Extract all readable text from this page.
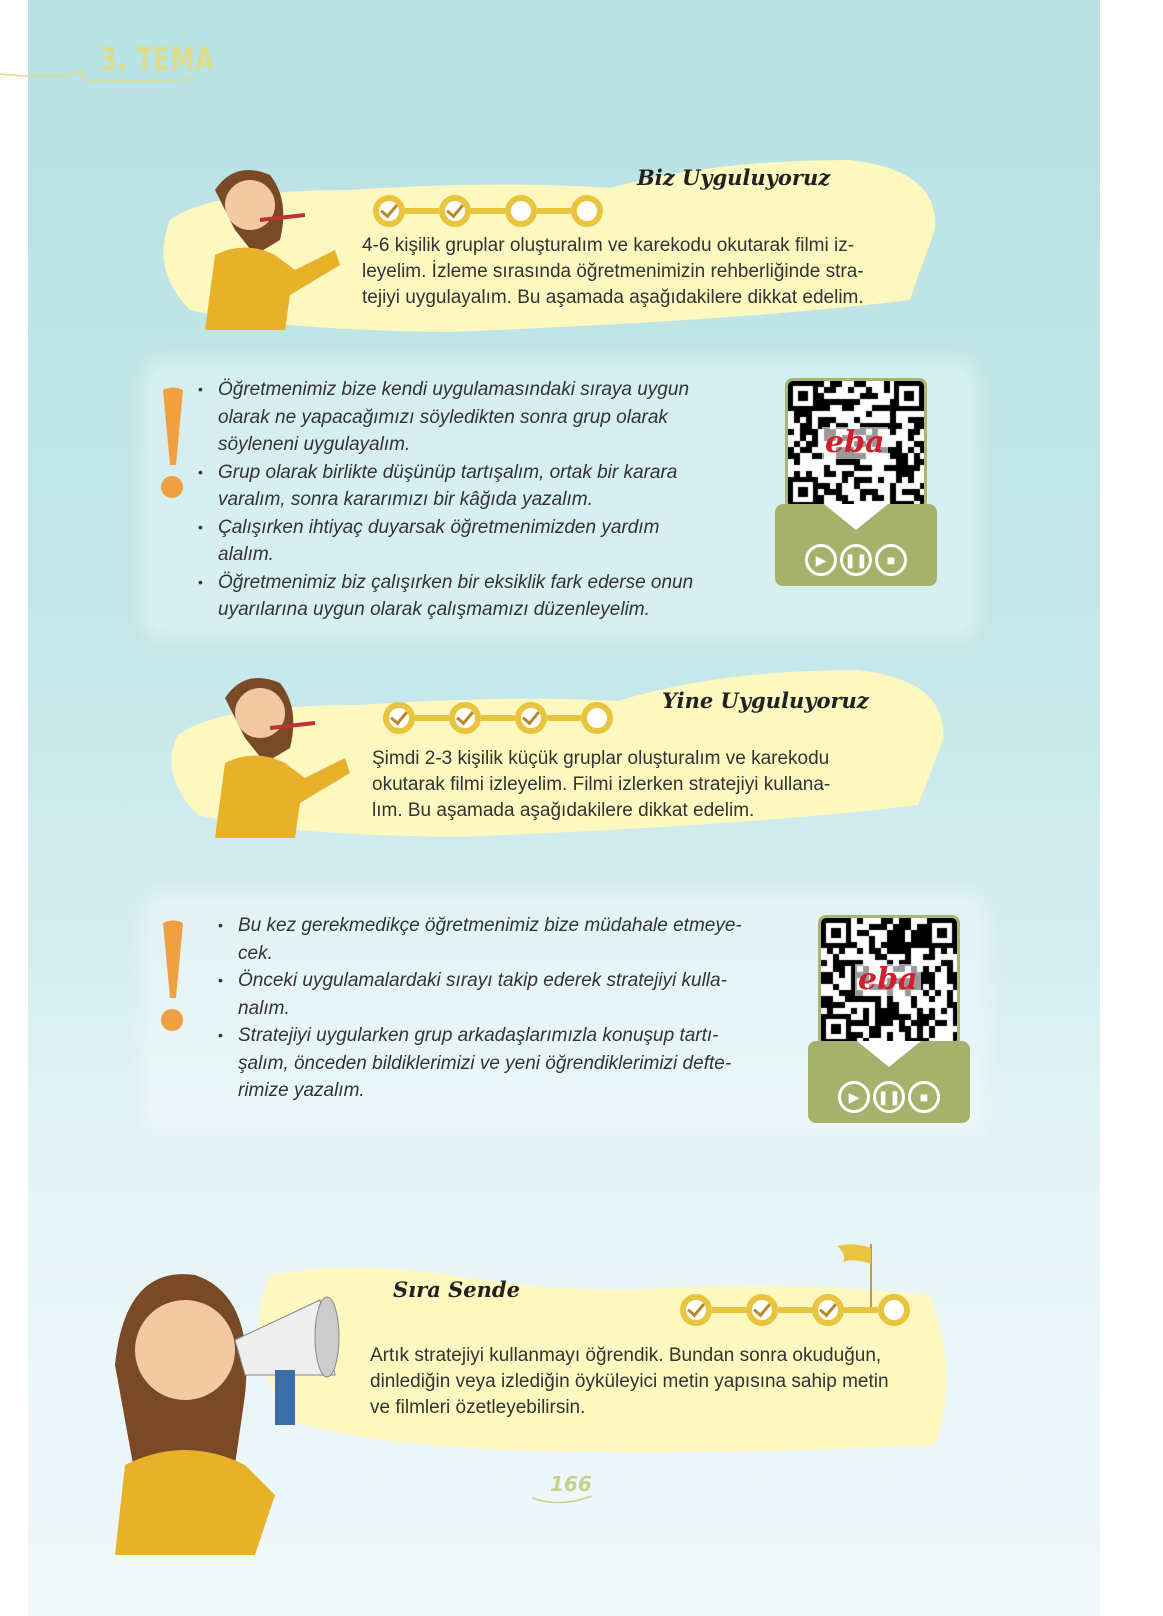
3. TEMA
Biz Uyguluyoruz
4-6 kişilik gruplar oluşturalım ve karekodu okutarak filmi iz-
leyelim. İzleme sırasında öğretmenimizin rehberliğinde stra-
tejiyi uygulayalım. Bu aşamada aşağıdakilere dikkat edelim.
• Öğretmenimiz bize kendi uygulamasındaki sıraya uygun
olarak ne yapacağımızı söyledikten sonra grup olarak
söyleneni uygulayalım.
• Grup olarak birlikte düşünüp tartışalım, ortak bir karara
varalım, sonra kararımızı bir kâğıda yazalım.
• Çalışırken ihtiyaç duyarsak öğretmenimizden yardım
alalım.
• Öğretmenimiz biz çalışırken bir eksiklik fark ederse onun
uyarılarına uygun olarak çalışmamızı düzenleyelim.
eba
▶	❚❚	■
Yine Uyguluyoruz
Şimdi 2-3 kişilik küçük gruplar oluşturalım ve karekodu
okutarak filmi izleyelim. Filmi izlerken stratejiyi kullana-
lım. Bu aşamada aşağıdakilere dikkat edelim.
• Bu kez gerekmedikçe öğretmenimiz bize müdahale etmeye-
cek.
• Önceki uygulamalardaki sırayı takip ederek stratejiyi kulla-
nalım.
• Stratejiyi uygularken grup arkadaşlarımızla konuşup tartı-
şalım, önceden bildiklerimizi ve yeni öğrendiklerimizi defte-
rimize yazalım.
eba
▶	❚❚	■
Sıra Sende
Artık stratejiyi kullanmayı öğrendik. Bundan sonra okuduğun,
dinlediğin veya izlediğin öyküleyici metin yapısına sahip metin
ve filmleri özetleyebilirsin.
166
